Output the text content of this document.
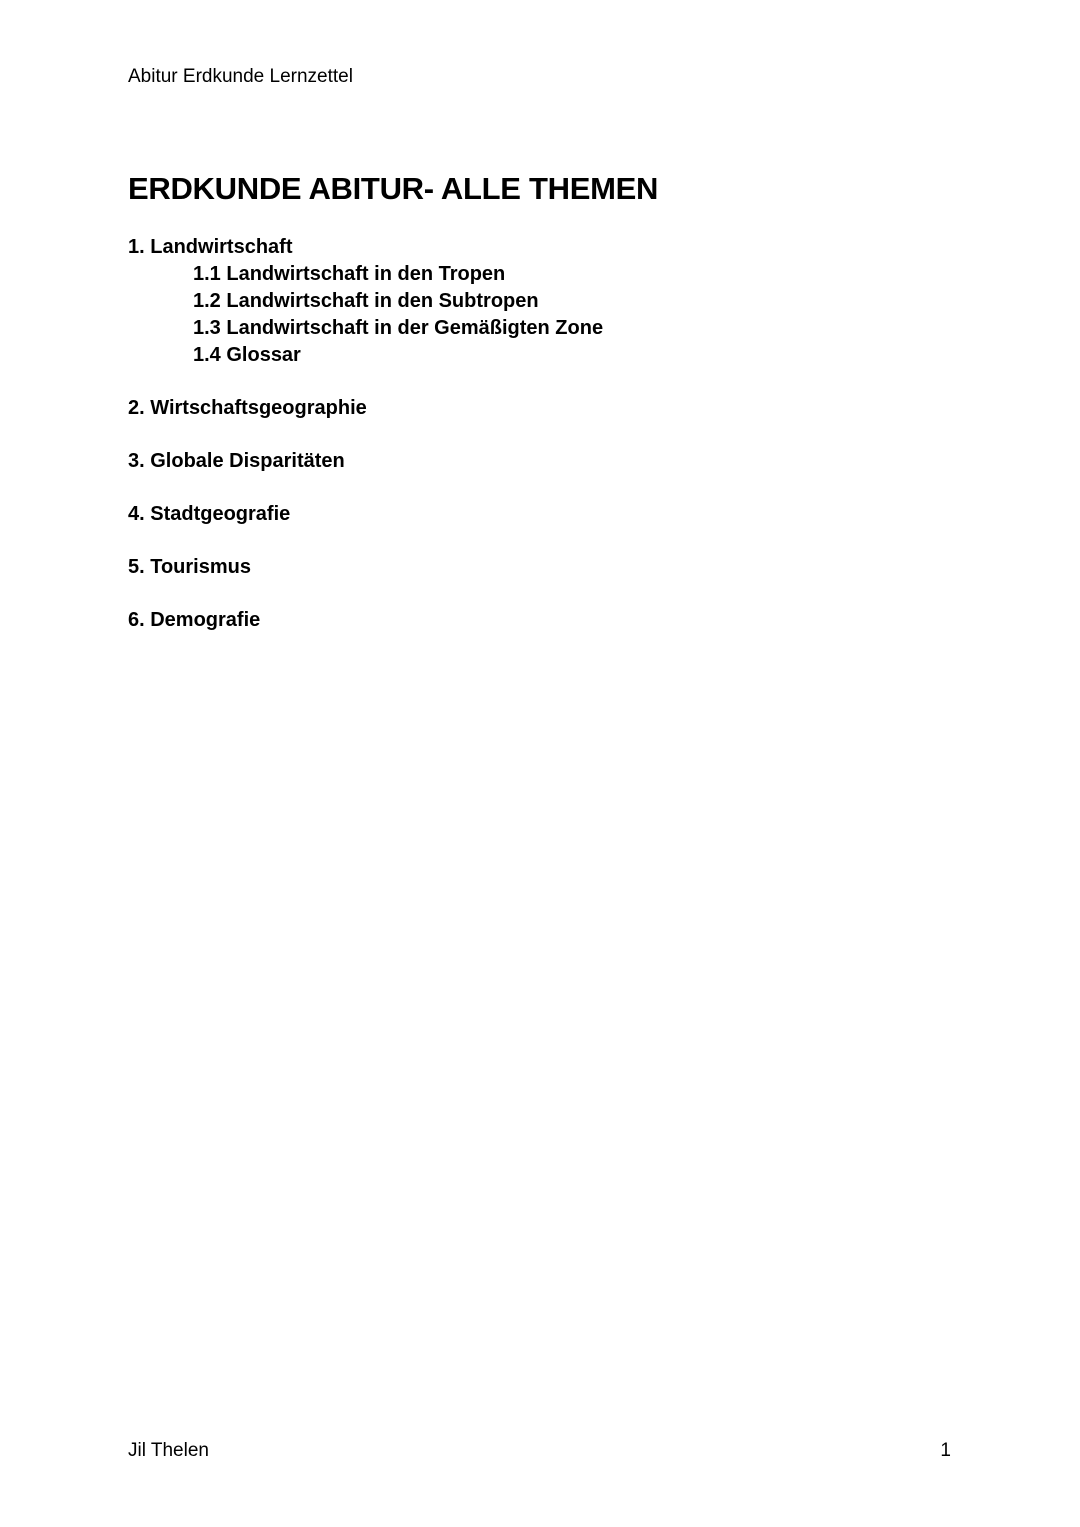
Abitur Erdkunde Lernzettel
ERDKUNDE ABITUR- ALLE THEMEN
1. Landwirtschaft
1.1 Landwirtschaft in den Tropen
1.2 Landwirtschaft in den Subtropen
1.3 Landwirtschaft in der Gemäßigten Zone
1.4 Glossar
2. Wirtschaftsgeographie
3. Globale Disparitäten
4. Stadtgeografie
5. Tourismus
6. Demografie
Jil Thelen	1
